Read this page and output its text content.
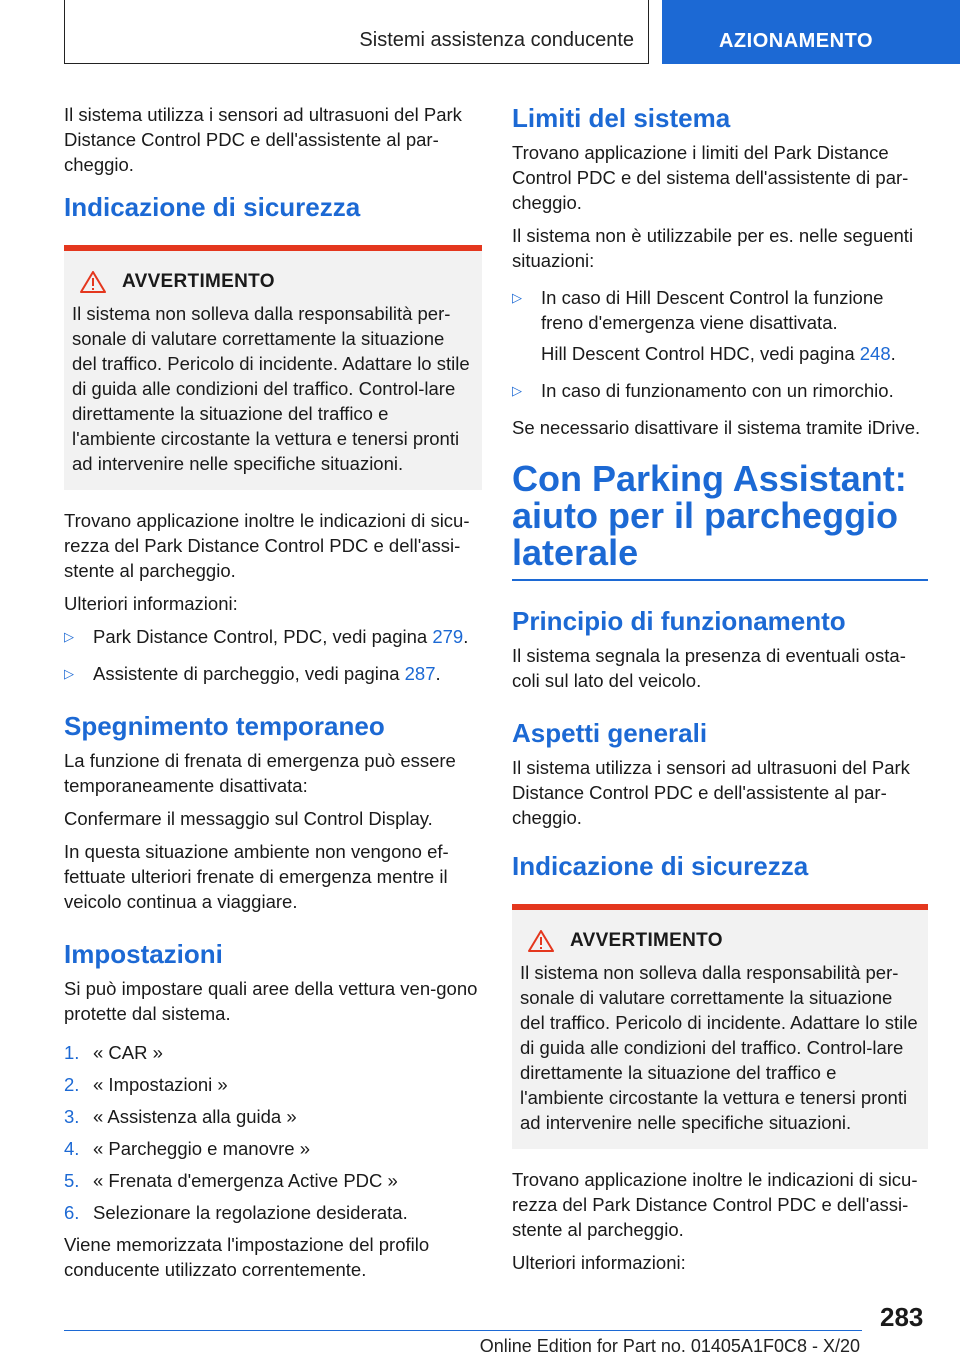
Sistemi assistenza conducente	AZIONAMENTO

Il sistema utilizza i sensori ad ultrasuoni del Park Distance Control PDC e dell'assistente al par-cheggio.

Indicazione di sicurezza
AVVERTIMENTO

Il sistema non solleva dalla responsabilità per-sonale di valutare correttamente la situazione del traffico. Pericolo di incidente. Adattare lo stile di guida alle condizioni del traffico. Control-lare direttamente la situazione del traffico e l'ambiente circostante la vettura e tenersi pronti ad intervenire nelle specifiche situazioni.

Trovano applicazione inoltre le indicazioni di sicu-rezza del Park Distance Control PDC e dell'assi-stente al parcheggio.

Ulteriori informazioni:

▷	Park Distance Control, PDC, vedi pagina 279.
▷	Assistente di parcheggio, vedi pagina 287.
Spegnimento temporaneo

La funzione di frenata di emergenza può essere temporaneamente disattivata:

Confermare il messaggio sul Control Display.

In questa situazione ambiente non vengono ef-fettuate ulteriori frenate di emergenza mentre il veicolo continua a viaggiare.

Impostazioni

Si può impostare quali aree della vettura ven-gono protette dal sistema.

1. « CAR »
2. « Impostazioni »
3. « Assistenza alla guida »
4. « Parcheggio e manovre »
5. « Frenata d'emergenza Active PDC »
6. Selezionare la regolazione desiderata.

Viene memorizzata l'impostazione del profilo conducente utilizzato correntemente.

Limiti del sistema

Trovano applicazione i limiti del Park Distance Control PDC e del sistema dell'assistente di par-cheggio.

Il sistema non è utilizzabile per es. nelle seguenti situazioni:

▷	In caso di Hill Descent Control la funzione freno d'emergenza viene disattivata.

Hill Descent Control HDC, vedi pagina 248.

▷	In caso di funzionamento con un rimorchio.

Se necessario disattivare il sistema tramite iDrive.

Con Parking Assistant: aiuto per il parcheggio laterale
Principio di funzionamento

Il sistema segnala la presenza di eventuali osta-coli sul lato del veicolo.

Aspetti generali

Il sistema utilizza i sensori ad ultrasuoni del Park Distance Control PDC e dell'assistente al par-cheggio.

Indicazione di sicurezza
AVVERTIMENTO

Il sistema non solleva dalla responsabilità per-sonale di valutare correttamente la situazione del traffico. Pericolo di incidente. Adattare lo stile di guida alle condizioni del traffico. Control-lare direttamente la situazione del traffico e l'ambiente circostante la vettura e tenersi pronti ad intervenire nelle specifiche situazioni.

Trovano applicazione inoltre le indicazioni di sicu-rezza del Park Distance Control PDC e dell'assi-stente al parcheggio.

Ulteriori informazioni:

283
Online Edition for Part no. 01405A1F0C8 - X/20
